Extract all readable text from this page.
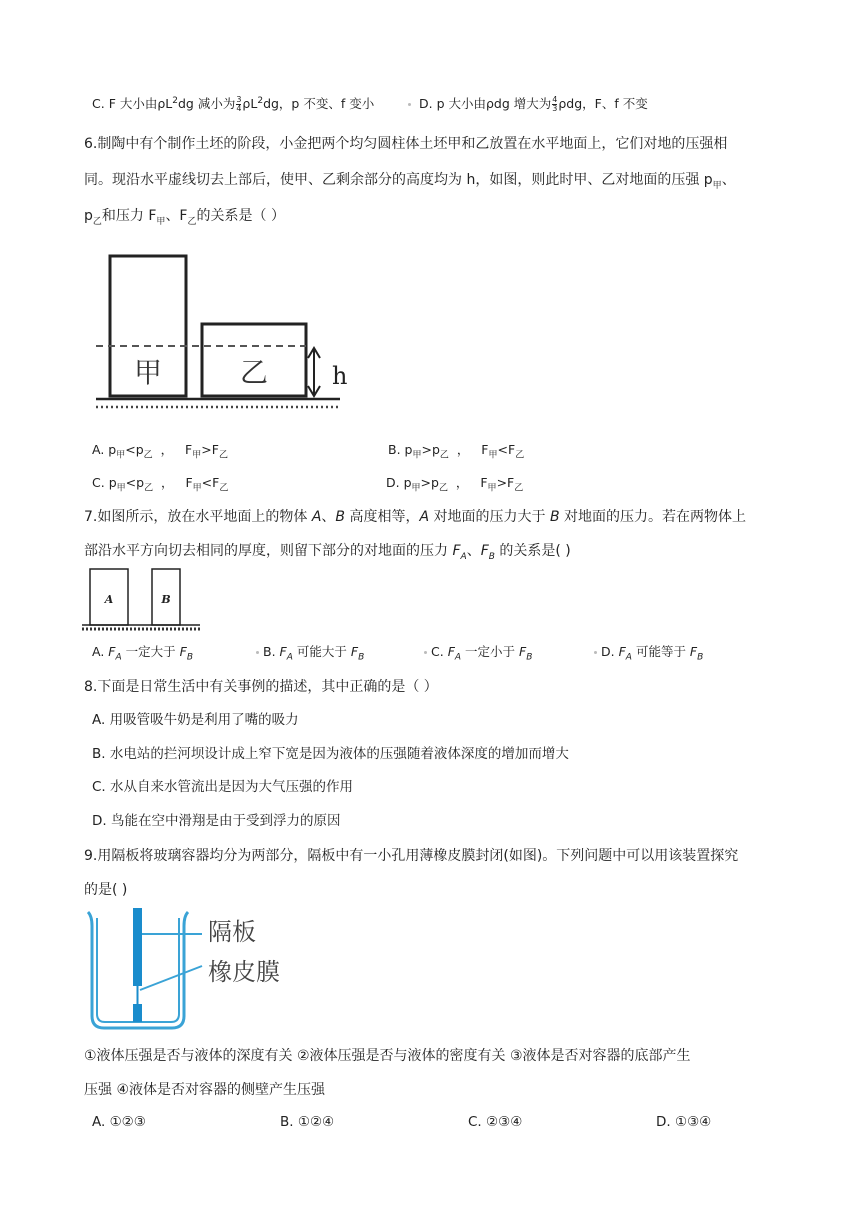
C. F 大小由$\rho L^2dg$ 减小为 $\frac{3}{4} \rho L^2dg$，p 不变、f 变小	D. p 大小由ρdg 增大为 $\frac{4}{3}$ ρdg，F、f 不变
6.制陶中有个制作土坯的阶段，小金把两个均匀圆柱体土坯甲和乙放置在水平地面上，它们对地的压强相
同。现沿水平虚线切去上部后，使甲、乙剩余部分的高度均为 h，如图，则此时甲、乙对地面的压强 $p_甲$、
$p_乙$和压力 $F_甲$、$F_乙$的关系是（ ）
甲	乙	h
A. $p_甲<p_乙$  ，   $F_甲>F_乙$	B. $p_甲>p_乙$  ，   $F_甲<F_乙$
C. $p_甲<p_乙$  ，   $F_甲<F_乙$	D. $p_甲>p_乙$  ，   $F_甲>F_乙$
7.如图所示，放在水平地面上的物体 A、B 高度相等，A 对地面的压力大于 B 对地面的压力。若在两物体上
部沿水平方向切去相同的厚度，则留下部分的对地面的压力 $F_A$、$F_B$ 的关系是( )
A	B
A. $F_A$ 一定大于 $F_B$	B. $F_A$ 可能大于 $F_B$	C. $F_A$ 一定小于 $F_B$	D. $F_A$ 可能等于 $F_B$
8.下面是日常生活中有关事例的描述，其中正确的是（ ）
A. 用吸管吸牛奶是利用了嘴的吸力
B. 水电站的拦河坝设计成上窄下宽是因为液体的压强随着液体深度的增加而增大
C. 水从自来水管流出是因为大气压强的作用
D. 鸟能在空中滑翔是由于受到浮力的原因
9.用隔板将玻璃容器均分为两部分，隔板中有一小孔用薄橡皮膜封闭(如图)。下列问题中可以用该装置探究
的是( )
隔板
橡皮膜
①液体压强是否与液体的深度有关 ②液体压强是否与液体的密度有关 ③液体是否对容器的底部产生
压强 ④液体是否对容器的侧壁产生压强
A. ①②③	B. ①②④	C. ②③④	D. ①③④
